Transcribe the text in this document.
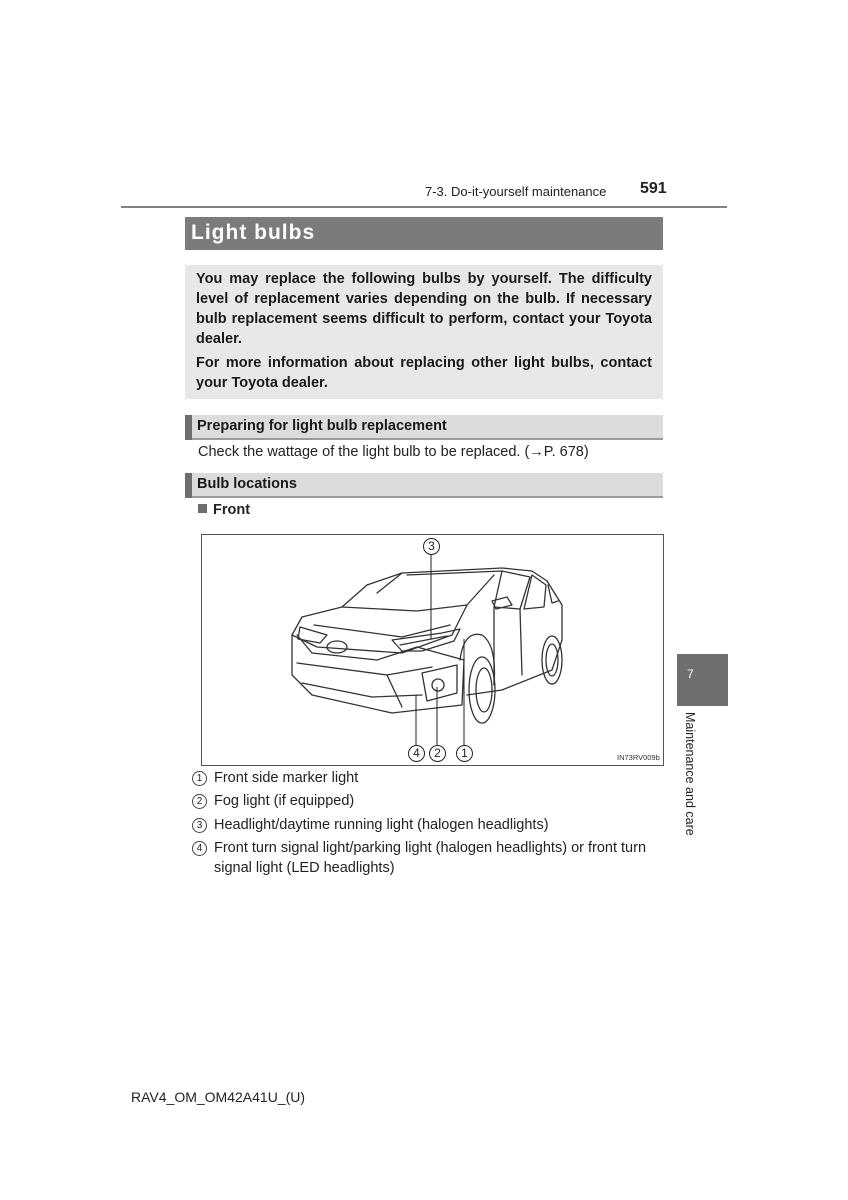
7-3. Do-it-yourself maintenance 591
Light bulbs

You may replace the following bulbs by yourself. The difficulty level of replacement varies depending on the bulb. If necessary bulb replacement seems difficult to perform, contact your Toyota dealer.

For more information about replacing other light bulbs, contact your Toyota dealer.

Preparing for light bulb replacement
Check the wattage of the light bulb to be replaced. (→P. 678)
Bulb locations
Front
3
4	2	1	IN73RV009b
1 Front side marker light
2 Fog light (if equipped)
3 Headlight/daytime running light (halogen headlights)
4 Front turn signal light/parking light (halogen headlights) or front turn signal light (LED headlights)
7
Maintenance and care
RAV4_OM_OM42A41U_(U)
